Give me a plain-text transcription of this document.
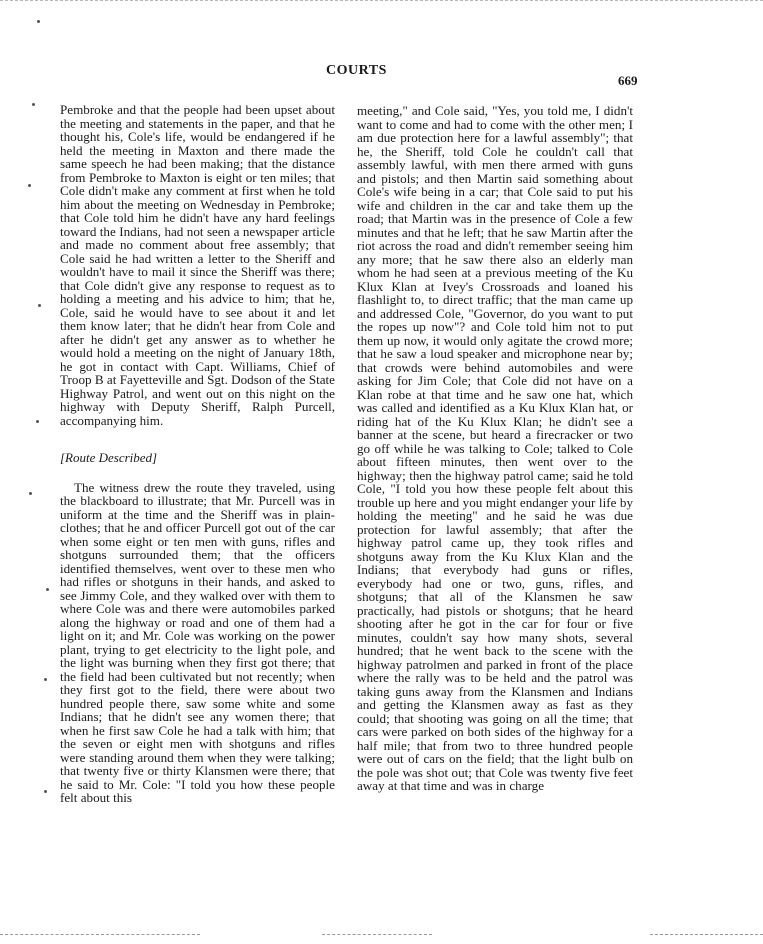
COURTS
669

Pembroke and that the people had been upset about the meeting and statements in the paper, and that he thought his, Cole's life, would be endangered if he held the meeting in Maxton and there made the same speech he had been making; that the distance from Pembroke to Maxton is eight or ten miles; that Cole didn't make any comment at first when he told him about the meeting on Wednesday in Pembroke; that Cole told him he didn't have any hard feelings toward the Indians, had not seen a newspaper article and made no comment about free assembly; that Cole said he had written a letter to the Sheriff and wouldn't have to mail it since the Sheriff was there; that Cole didn't give any response to request as to holding a meeting and his advice to him; that he, Cole, said he would have to see about it and let them know later; that he didn't hear from Cole and after he didn't get any answer as to whether he would hold a meeting on the night of January 18th, he got in contact with Capt. Williams, Chief of Troop B at Fayetteville and Sgt. Dodson of the State Highway Patrol, and went out on this night on the highway with Deputy Sheriff, Ralph Purcell, accompanying him.

[Route Described]

The witness drew the route they traveled, using the blackboard to illustrate; that Mr. Purcell was in uniform at the time and the Sheriff was in plain-clothes; that he and officer Purcell got out of the car when some eight or ten men with guns, rifles and shotguns surrounded them; that the officers identified themselves, went over to these men who had rifles or shotguns in their hands, and asked to see Jimmy Cole, and they walked over with them to where Cole was and there were automobiles parked along the highway or road and one of them had a light on it; and Mr. Cole was working on the power plant, trying to get electricity to the light pole, and the light was burning when they first got there; that the field had been cultivated but not recently; when they first got to the field, there were about two hundred people there, saw some white and some Indians; that he didn't see any women there; that when he first saw Cole he had a talk with him; that the seven or eight men with shotguns and rifles were standing around them when they were talking; that twenty five or thirty Klansmen were there; that he said to Mr. Cole: "I told you how these people felt about this

meeting," and Cole said, "Yes, you told me, I didn't want to come and had to come with the other men; I am due protection here for a lawful assembly"; that he, the Sheriff, told Cole he couldn't call that assembly lawful, with men there armed with guns and pistols; and then Martin said something about Cole's wife being in a car; that Cole said to put his wife and children in the car and take them up the road; that Martin was in the presence of Cole a few minutes and that he left; that he saw Martin after the riot across the road and didn't remember seeing him any more; that he saw there also an elderly man whom he had seen at a previous meeting of the Ku Klux Klan at Ivey's Crossroads and loaned his flashlight to, to direct traffic; that the man came up and addressed Cole, "Governor, do you want to put the ropes up now"? and Cole told him not to put them up now, it would only agitate the crowd more; that he saw a loud speaker and microphone near by; that crowds were behind automobiles and were asking for Jim Cole; that Cole did not have on a Klan robe at that time and he saw one hat, which was called and identified as a Ku Klux Klan hat, or riding hat of the Ku Klux Klan; he didn't see a banner at the scene, but heard a firecracker or two go off while he was talking to Cole; talked to Cole about fifteen minutes, then went over to the highway; then the highway patrol came; said he told Cole, "I told you how these people felt about this trouble up here and you might endanger your life by holding the meeting" and he said he was due protection for lawful assembly; that after the highway patrol came up, they took rifles and shotguns away from the Ku Klux Klan and the Indians; that everybody had guns or rifles, everybody had one or two, guns, rifles, and shotguns; that all of the Klansmen he saw practically, had pistols or shotguns; that he heard shooting after he got in the car for four or five minutes, couldn't say how many shots, several hundred; that he went back to the scene with the highway patrolmen and parked in front of the place where the rally was to be held and the patrol was taking guns away from the Klansmen and Indians and getting the Klansmen away as fast as they could; that shooting was going on all the time; that cars were parked on both sides of the highway for a half mile; that from two to three hundred people were out of cars on the field; that the light bulb on the pole was shot out; that Cole was twenty five feet away at that time and was in charge
